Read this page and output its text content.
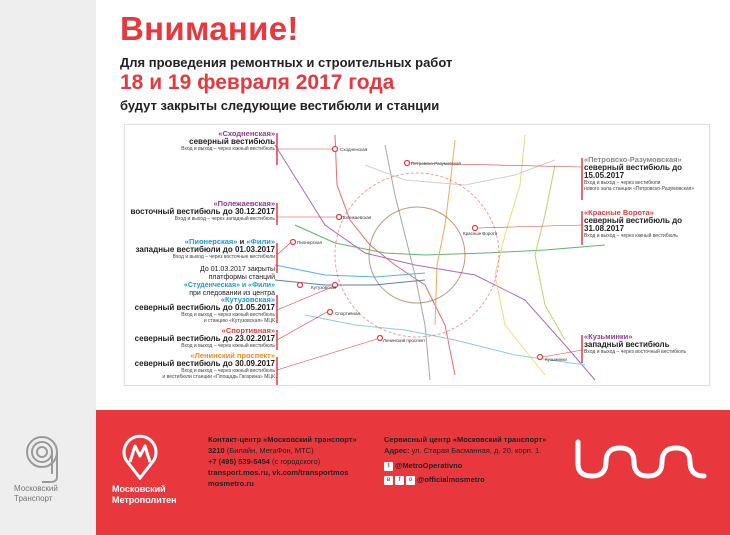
Внимание!
Для проведения ремонтных и строительных работ
18 и 19 февраля 2017 года
будут закрыты следующие вестибюли и станции
Сходненская
Петровско-Разумовская
Полежаевская
Красные Ворота
Пионерская
Кутузовская
Спортивная
Ленинский проспект
Кузьминки
«Сходненская»
северный вестибюль
Вход и выход – через южный вестибюль
«Полежаевская»
восточный вестибюль до 30.12.2017
Вход и выход – через западный вестибюль
«Пионерская» и «Фили»
западные вестибюли до 01.03.2017
Вход и выход – через восточные вестибюли
До 01.03.2017 закрыты
платформы станций
«Студенческая» и «Фили»
при следовании из центра
«Кутузовская»
северный вестибюль до 01.05.2017
Вход и выход – через южный вестибюль
и станцию «Кутузовская» МЦК
«Спортивная»
северный вестибюль до 23.02.2017
Вход и выход – через южный вестибюль
«Ленинский проспект»
северный вестибюль до 30.09.2017
Вход и выход – через южный вестибюль
и вестибюли станции «Площадь Гагарина» МЦК
«Петровско-Разумовская»
северный вестибюль до 15.05.2017
Вход и выход – через вестибюли
нового зала станции «Петровско-Разумовская»
«Красные Ворота»
северный вестибюль до 31.08.2017
Вход и выход – через южный вестибюль
«Кузьминки»
западный вестибюль
Вход и выход – через восточный вестибюль
Московский
Транспорт
Московский
Метрополитен
Контакт-центр «Московский транспорт»
3210 (Билайн, МегаФон, МТС)
+7 (495) 539-5454 (с городского)
transport.mos.ru, vk.com/transportmos
mosmetro.ru
Сервисный центр «Московский транспорт»
Адрес: ул. Старая Басманная, д. 20, корп. 1.
t @MetroOperativno
в f о @officialmosmetro
